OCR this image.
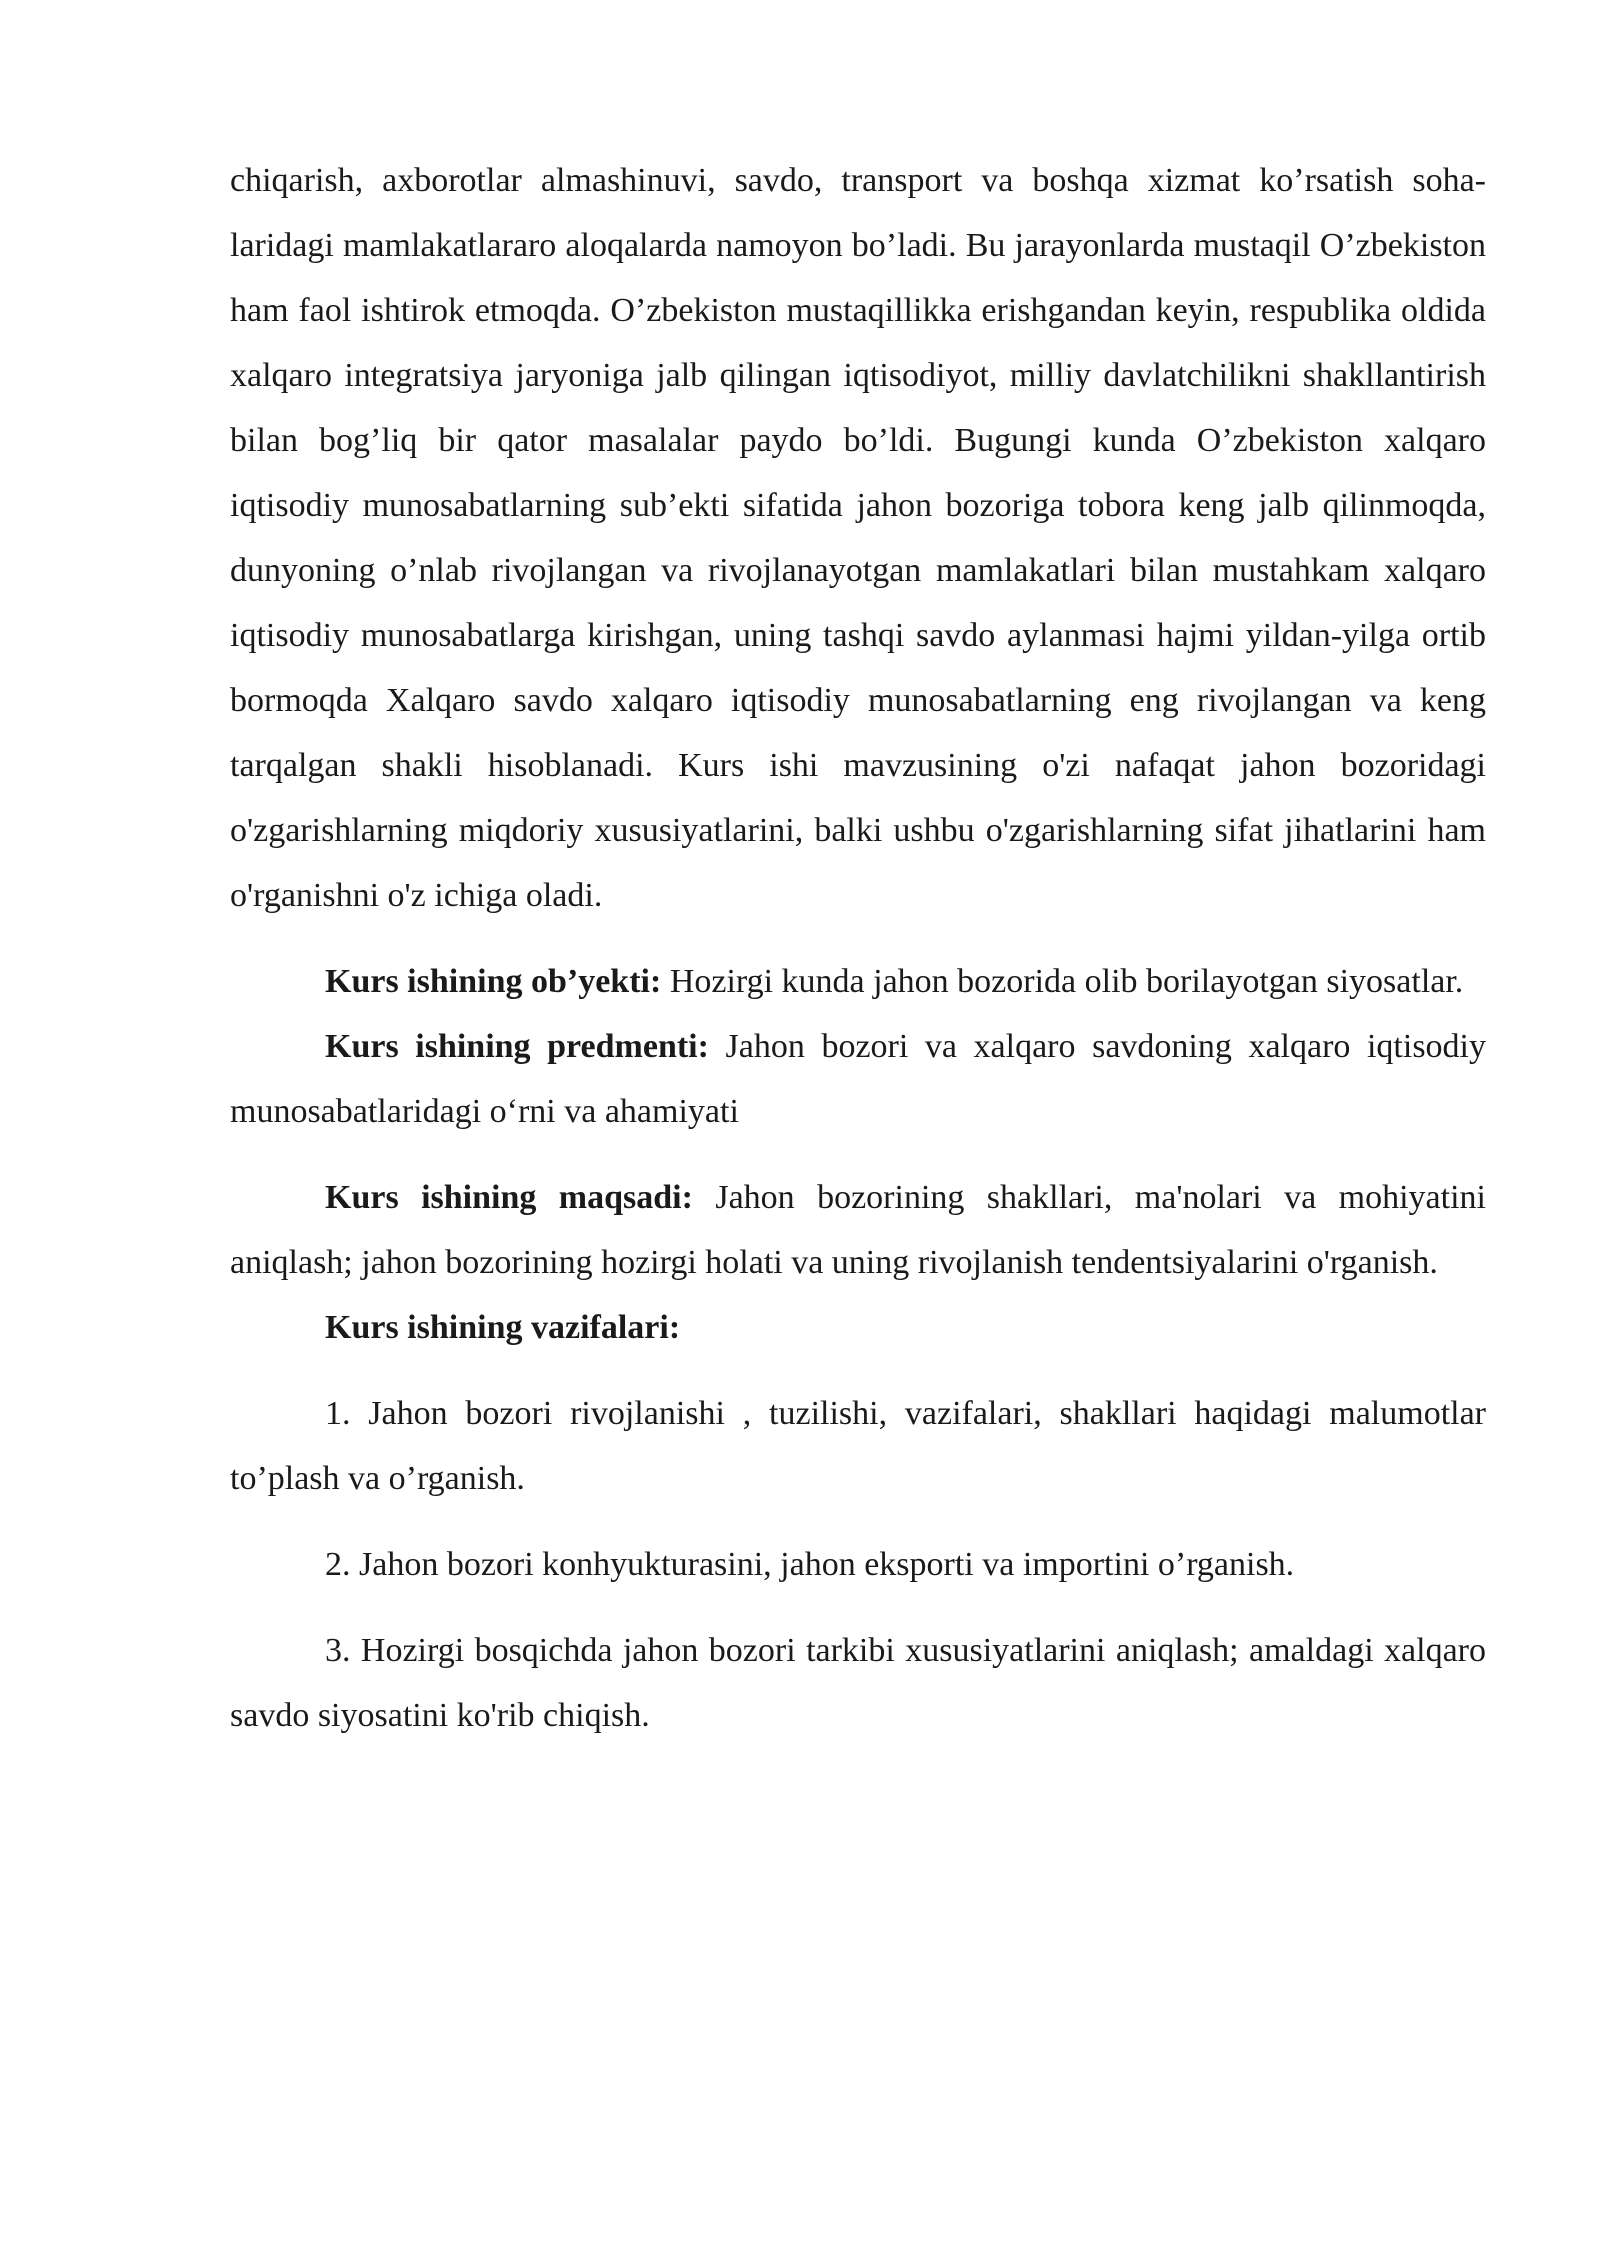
chiqarish, axborotlar almashinuvi, savdo, transport va boshqa xizmat ko’rsatish soha-laridagi mamlakatlararo aloqalarda namoyon bo’ladi. Bu jarayonlarda mustaqil O’zbekiston ham faol ishtirok etmoqda. O’zbekiston mustaqillikka erishgandan keyin, respublika oldida xalqaro integratsiya jaryoniga jalb qilingan iqtisodiyot, milliy davlatchilikni shakllantirish bilan bog’liq bir qator masalalar paydo bo’ldi. Bugungi kunda O’zbekiston xalqaro iqtisodiy munosabatlarning sub’ekti sifatida jahon bozoriga tobora keng jalb qilinmoqda, dunyoning o’nlab rivojlangan va rivojlanayotgan mamlakatlari bilan mustahkam xalqaro iqtisodiy munosabatlarga kirishgan, uning tashqi savdo aylanmasi hajmi yildan-yilga ortib bormoqda Xalqaro savdo xalqaro iqtisodiy munosabatlarning eng rivojlangan va keng tarqalgan shakli hisoblanadi. Kurs ishi mavzusining o'zi nafaqat jahon bozoridagi o'zgarishlarning miqdoriy xususiyatlarini, balki ushbu o'zgarishlarning sifat jihatlarini ham o'rganishni o'z ichiga oladi.

Kurs ishining ob’yekti: Hozirgi kunda jahon bozorida olib borilayotgan siyosatlar.

Kurs ishining predmenti: Jahon bozori va xalqaro savdoning xalqaro iqtisodiy munosabatlaridagi o‘rni va ahamiyati

Kurs ishining maqsadi: Jahon bozorining shakllari, ma'nolari va mohiyatini aniqlash; jahon bozorining hozirgi holati va uning rivojlanish tendentsiyalarini o'rganish.

Kurs ishining vazifalari:

1. Jahon bozori rivojlanishi , tuzilishi, vazifalari, shakllari haqidagi malumotlar to’plash va o’rganish.

2. Jahon bozori konhyukturasini, jahon eksporti va importini o’rganish.

3. Hozirgi bosqichda jahon bozori tarkibi xususiyatlarini aniqlash; amaldagi xalqaro savdo siyosatini ko'rib chiqish.
